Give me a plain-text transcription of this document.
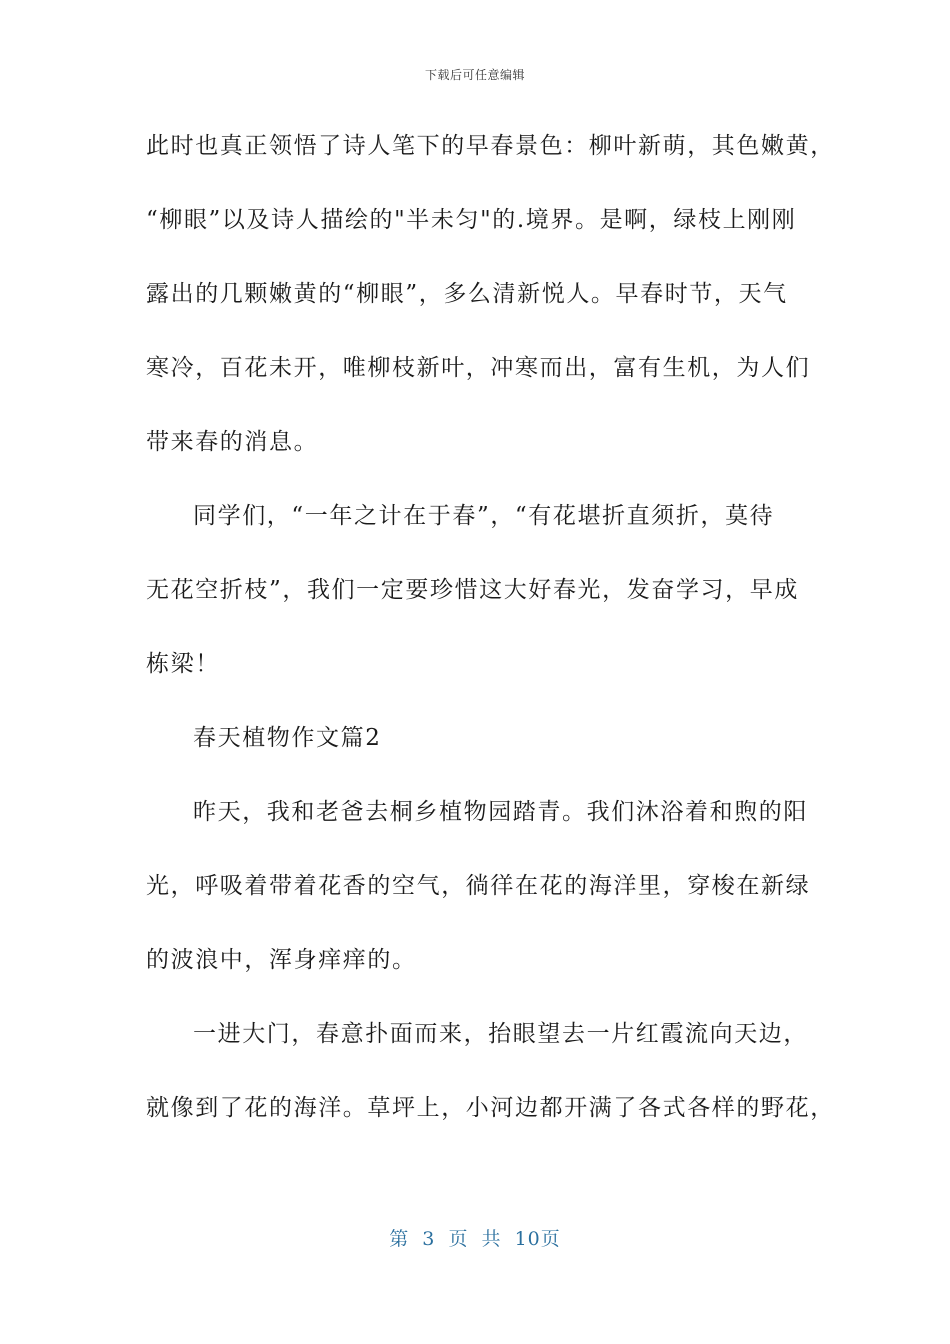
下载后可任意编辑
此时也真正领悟了诗人笔下的早春景色：柳叶新萌，其色嫩黄，
“柳眼”以及诗人描绘的"半未匀"的.境界。是啊，绿枝上刚刚
露出的几颗嫩黄的“柳眼”，多么清新悦人。早春时节，天气
寒冷，百花未开，唯柳枝新叶，冲寒而出，富有生机，为人们
带来春的消息。
同学们，“一年之计在于春”，“有花堪折直须折，莫待
无花空折枝”，我们一定要珍惜这大好春光，发奋学习，早成
栋梁！
春天植物作文篇2
昨天，我和老爸去桐乡植物园踏青。我们沐浴着和煦的阳
光，呼吸着带着花香的空气，徜徉在花的海洋里，穿梭在新绿
的波浪中，浑身痒痒的。
一进大门，春意扑面而来，抬眼望去一片红霞流向天边，
就像到了花的海洋。草坪上，小河边都开满了各式各样的野花，
第 3 页 共 10页
